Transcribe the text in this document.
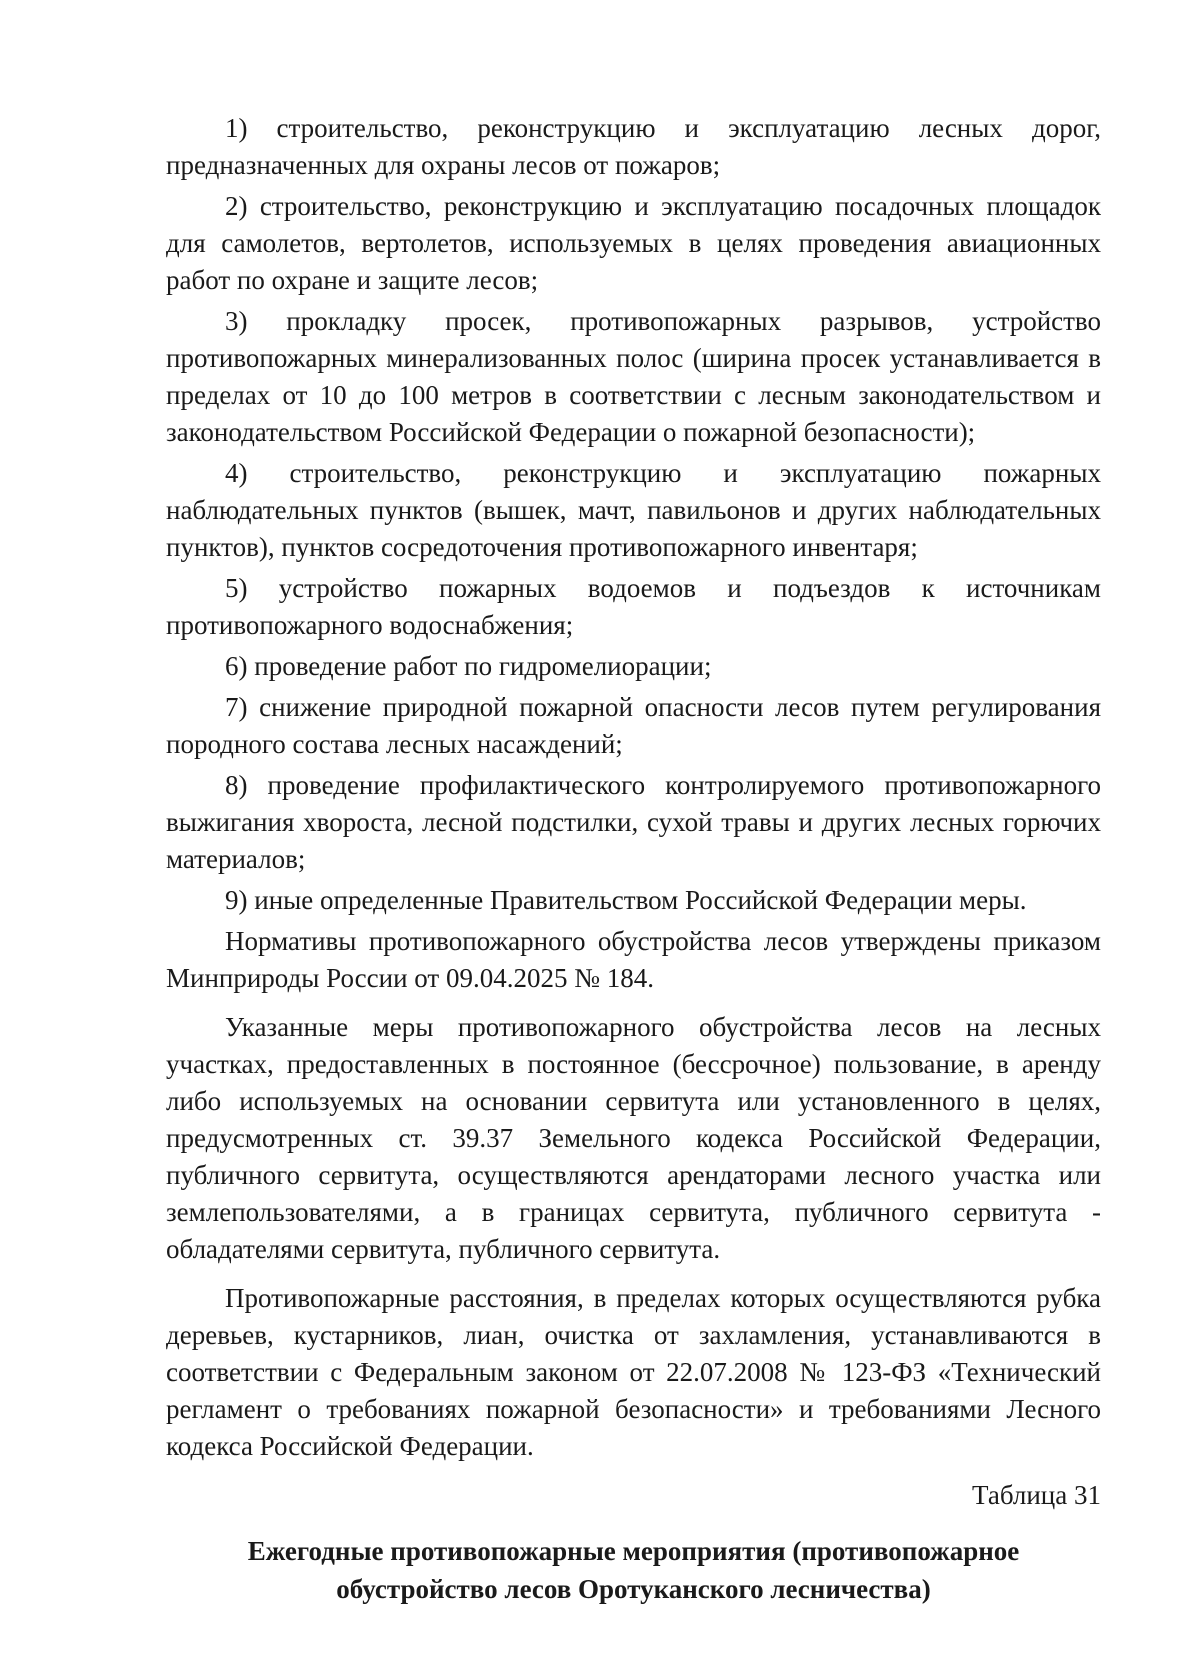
1) строительство, реконструкцию и эксплуатацию лесных дорог, предназначенных для охраны лесов от пожаров;

2) строительство, реконструкцию и эксплуатацию посадочных площадок для самолетов, вертолетов, используемых в целях проведения авиационных работ по охране и защите лесов;

3) прокладку просек, противопожарных разрывов, устройство противопожарных минерализованных полос (ширина просек устанавливается в пределах от 10 до 100 метров в соответствии с лесным законодательством и законодательством Российской Федерации о пожарной безопасности);

4) строительство, реконструкцию и эксплуатацию пожарных наблюдательных пунктов (вышек, мачт, павильонов и других наблюдательных пунктов), пунктов сосредоточения противопожарного инвентаря;

5) устройство пожарных водоемов и подъездов к источникам противопожарного водоснабжения;

6) проведение работ по гидромелиорации;

7) снижение природной пожарной опасности лесов путем регулирования породного состава лесных насаждений;

8) проведение профилактического контролируемого противопожарного выжигания хвороста, лесной подстилки, сухой травы и других лесных горючих материалов;

9) иные определенные Правительством Российской Федерации меры.

Нормативы противопожарного обустройства лесов утверждены приказом Минприроды России от 09.04.2025 № 184.

Указанные меры противопожарного обустройства лесов на лесных участках, предоставленных в постоянное (бессрочное) пользование, в аренду либо используемых на основании сервитута или установленного в целях, предусмотренных ст. 39.37 Земельного кодекса Российской Федерации, публичного сервитута, осуществляются арендаторами лесного участка или землепользователями, а в границах сервитута, публичного сервитута - обладателями сервитута, публичного сервитута.

Противопожарные расстояния, в пределах которых осуществляются рубка деревьев, кустарников, лиан, очистка от захламления, устанавливаются в соответствии с Федеральным законом от 22.07.2008 № 123-ФЗ «Технический регламент о требованиях пожарной безопасности» и требованиями Лесного кодекса Российской Федерации.

Таблица 31

Ежегодные противопожарные мероприятия (противопожарное обустройство лесов Оротуканского лесничества)
